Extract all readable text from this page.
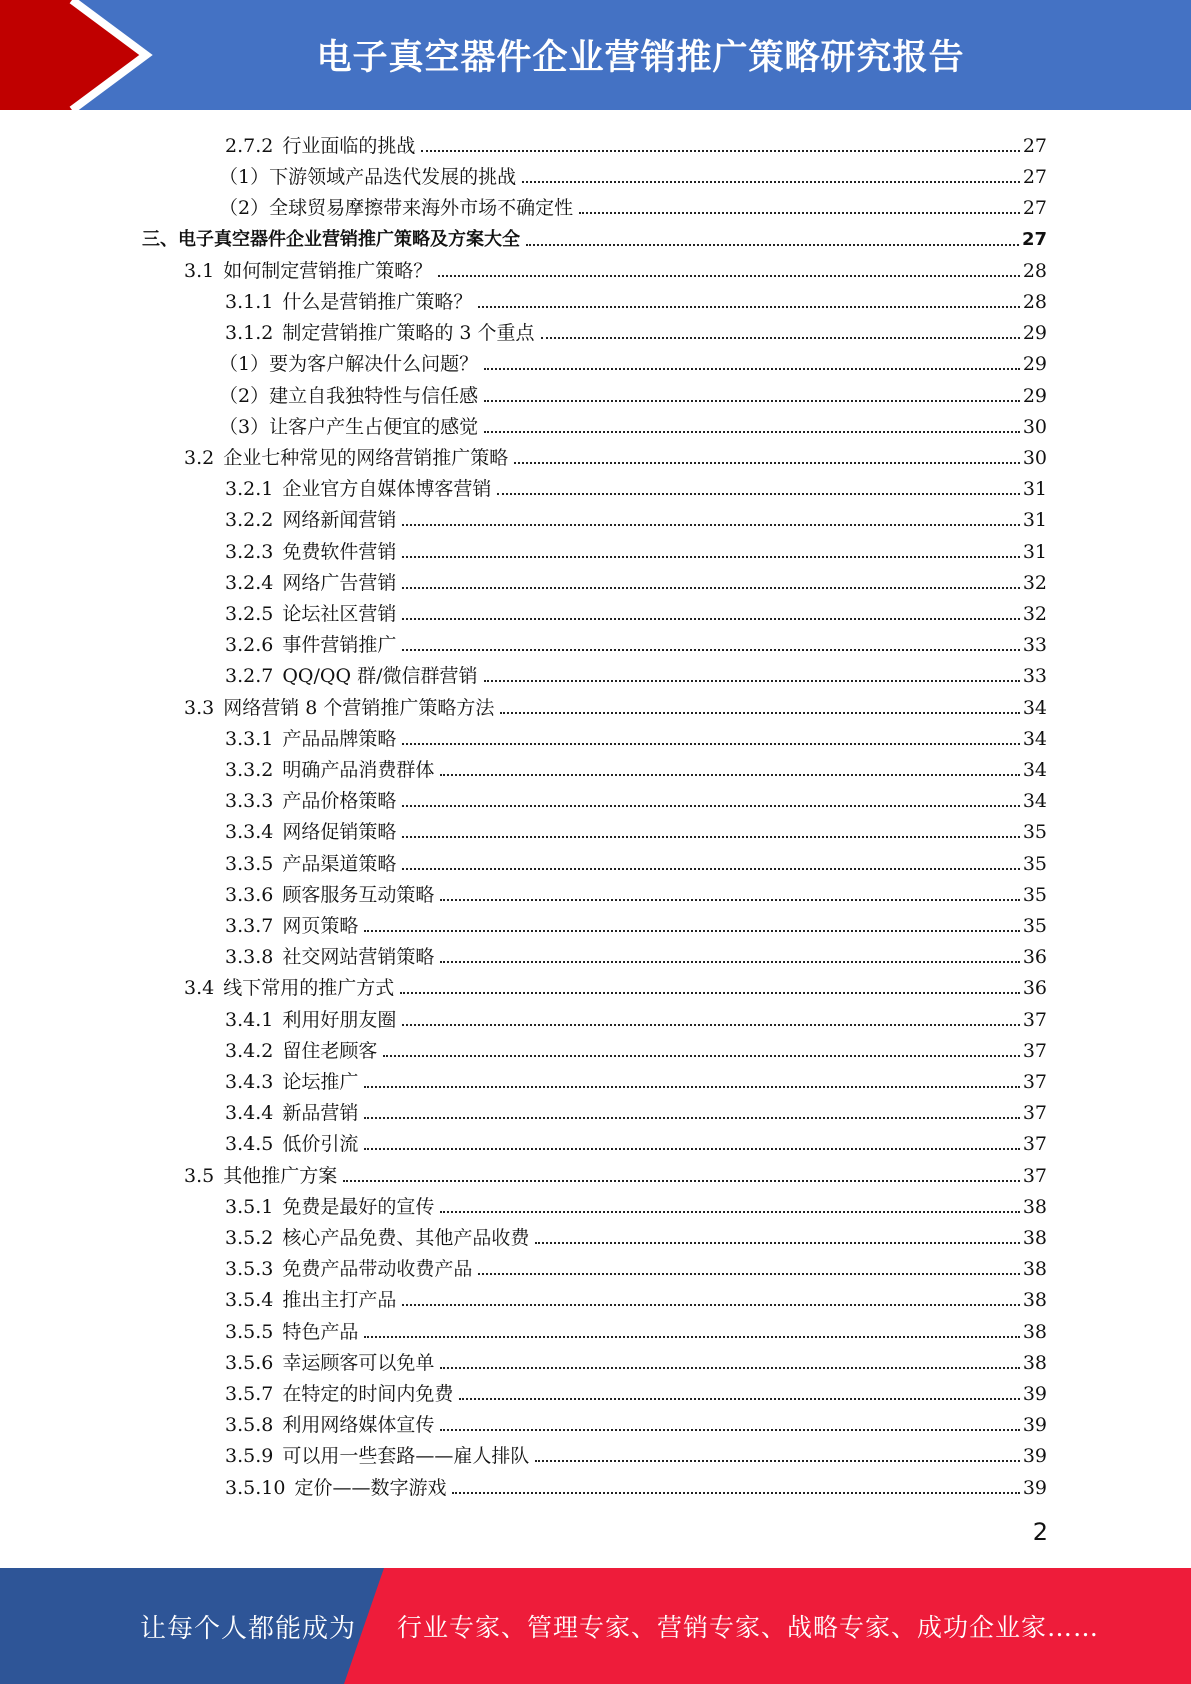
电子真空器件企业营销推广策略研究报告
2.7.2 行业面临的挑战	27
（1）下游领域产品迭代发展的挑战	27
（2）全球贸易摩擦带来海外市场不确定性	27
三、电子真空器件企业营销推广策略及方案大全	27
3.1 如何制定营销推广策略？	28
3.1.1 什么是营销推广策略？	28
3.1.2 制定营销推广策略的 3 个重点	29
（1）要为客户解决什么问题？	29
（2）建立自我独特性与信任感	29
（3）让客户产生占便宜的感觉	30
3.2 企业七种常见的网络营销推广策略	30
3.2.1 企业官方自媒体博客营销	31
3.2.2 网络新闻营销	31
3.2.3 免费软件营销	31
3.2.4 网络广告营销	32
3.2.5 论坛社区营销	32
3.2.6 事件营销推广	33
3.2.7 QQ/QQ 群/微信群营销	33
3.3 网络营销 8 个营销推广策略方法	34
3.3.1 产品品牌策略	34
3.3.2 明确产品消费群体	34
3.3.3 产品价格策略	34
3.3.4 网络促销策略	35
3.3.5 产品渠道策略	35
3.3.6 顾客服务互动策略	35
3.3.7 网页策略	35
3.3.8 社交网站营销策略	36
3.4 线下常用的推广方式	36
3.4.1 利用好朋友圈	37
3.4.2 留住老顾客	37
3.4.3 论坛推广	37
3.4.4 新品营销	37
3.4.5 低价引流	37
3.5 其他推广方案	37
3.5.1 免费是最好的宣传	38
3.5.2 核心产品免费、其他产品收费	38
3.5.3 免费产品带动收费产品	38
3.5.4 推出主打产品	38
3.5.5 特色产品	38
3.5.6 幸运顾客可以免单	38
3.5.7 在特定的时间内免费	39
3.5.8 利用网络媒体宣传	39
3.5.9 可以用一些套路——雇人排队	39
3.5.10 定价——数字游戏	39
2
让每个人都能成为 行业专家、管理专家、营销专家、战略专家、成功企业家……
